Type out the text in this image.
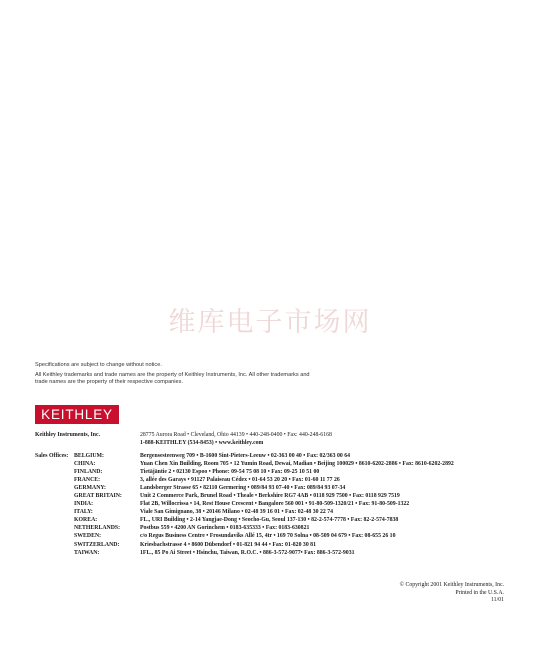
维库电子市场网
Specifications are subject to change without notice.
All Keithley trademarks and trade names are the property of Keithley Instruments, Inc. All other trademarks and
trade names are the property of their respective companies.
KEITHLEY
Keithley Instruments, Inc.	28775 Aurora Road • Cleveland, Ohio 44139 • 440-248-0400 • Fax: 440-248-6168
1-888-KEITHLEY (534-8453) • www.keithley.com
Sales Offices: BELGIUM:	Bergensesteenweg 709 • B-1600 Sint-Pieters-Leeuw • 02-363 00 40 • Fax: 02/363 00 64
CHINA:	Yuan Chen Xin Building, Room 705 • 12 Yumin Road, Dewai, Madian • Beijing 100029 • 8610-6202-2886 • Fax: 8610-6202-2892
FINLAND:	Tietäjäntie 2 • 02130 Espoo • Phone: 09-54 75 08 10 • Fax: 09-25 10 51 00
FRANCE:	3, allée des Garays • 91127 Palaiseau Cédex • 01-64 53 20 20 • Fax: 01-60 11 77 26
GERMANY:	Landsberger Strasse 65 • 82110 Germering • 089/84 93 07-40 • Fax: 089/84 93 07-34
GREAT BRITAIN:	Unit 2 Commerce Park, Brunel Road • Theale • Berkshire RG7 4AB • 0118 929 7500 • Fax: 0118 929 7519
INDIA:	Flat 2B, Willocrissa • 14, Rest House Crescent • Bangalore 560 001 • 91-80-509-1320/21 • Fax: 91-80-509-1322
ITALY:	Viale San Gimignano, 38 • 20146 Milano • 02-48 39 16 01 • Fax: 02-48 30 22 74
KOREA:	FL., URI Building • 2-14 Yangjae-Dong • Seocho-Gu, Seoul 137-130 • 82-2-574-7778 • Fax: 82-2-574-7838
NETHERLANDS:	Postbus 559 • 4200 AN Gorinchem • 0183-635333 • Fax: 0183-630821
SWEDEN:	c/o Regus Business Centre • Frosundaviks Allé 15, 4tr • 169 70 Solna • 08-509 04 679 • Fax: 08-655 26 10
SWITZERLAND:	Kriesbachstrasse 4 • 8600 Dübendorf • 01-821 94 44 • Fax: 01-820 30 81
TAIWAN:	1FL., 85 Po Ai Street • Hsinchu, Taiwan, R.O.C. • 886-3-572-9077• Fax: 886-3-572-9031
© Copyright 2001 Keithley Instruments, Inc.
Printed in the U.S.A.
11/01
